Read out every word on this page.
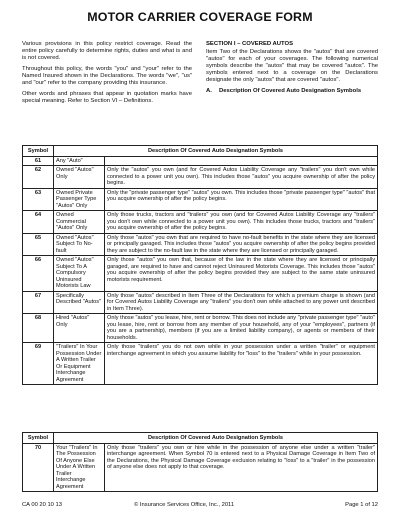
MOTOR CARRIER COVERAGE FORM

Various provisions in this policy restrict coverage. Read the entire policy carefully to determine rights, duties and what is and is not covered.

Throughout this policy, the words "you" and "your" refer to the Named Insured shown in the Declarations. The words "we", "us" and "our" refer to the company providing this insurance.

Other words and phrases that appear in quotation marks have special meaning. Refer to Section VI – Definitions.

SECTION I – COVERED AUTOS

Item Two of the Declarations shows the "autos" that are covered "autos" for each of your coverages. The following numerical symbols describe the "autos" that may be covered "autos". The symbols entered next to a coverage on the Declarations designate the only "autos" that are covered "autos".

A.	Description Of Covered Auto Designation Symbols
Symbol	Description Of Covered Auto Designation Symbols	
61	Any "Auto"	
62	Owned "Autos" Only	Only the "autos" you own (and for Covered Autos Liability Coverage any "trailers" you don't own while connected to a power unit you own). This includes those "autos" you acquire ownership of after the policy begins.
63	Owned Private Passenger Type "Autos" Only	Only the "private passenger type" "autos" you own. This includes those "private passenger type" "autos" that you acquire ownership of after the policy begins.
64	Owned Commercial "Autos" Only	Only those trucks, tractors and "trailers" you own (and for Covered Autos Liability Coverage any "trailers" you don't own while connected to a power unit you own). This includes those trucks, tractors and "trailers" you acquire ownership of after the policy begins.
65	Owned "Autos" Subject To No-fault	Only those "autos" you own that are required to have no-fault benefits in the state where they are licensed or principally garaged. This includes those "autos" you acquire ownership of after the policy begins provided they are subject to the no-fault law in the state where they are licensed or principally garaged.
66	Owned "Autos" Subject To A Compulsory Uninsured Motorists Law	Only those "autos" you own that, because of the law in the state where they are licensed or principally garaged, are required to have and cannot reject Uninsured Motorists Coverage. This includes those "autos" you acquire ownership of after the policy begins provided they are subject to the same state uninsured motorists requirement.
67	Specifically Described "Autos"	Only those "autos" described in Item Three of the Declarations for which a premium charge is shown (and for Covered Autos Liability Coverage any "trailers" you don't own while attached to any power unit described in Item Three).
68	Hired "Autos" Only	Only those "autos" you lease, hire, rent or borrow. This does not include any "private passenger type" "auto" you lease, hire, rent or borrow from any member of your household, any of your "employees", partners (if you are a partnership), members (if you are a limited liability company), or agents or members of their households.
69	"Trailers" In Your Possession Under A Written Trailer Or Equipment Interchange Agreement	Only those "trailers" you do not own while in your possession under a written "trailer" or equipment interchange agreement in which you assume liability for "loss" to the "trailers" while in your possession.
Symbol	Description Of Covered Auto Designation Symbols	
70	Your "Trailers" In The Possession Of Anyone Else Under A Written Trailer Interchange Agreement	Only those "trailers" you own or hire while in the possession of anyone else under a written "trailer" interchange agreement. When Symbol 70 is entered next to a Physical Damage Coverage in Item Two of the Declarations, the Physical Damage Coverage exclusion relating to "loss" to a "trailer" in the possession of anyone else does not apply to that coverage.
CA 00 20 10 13	© Insurance Services Office, Inc., 2011	Page 1 of 12
